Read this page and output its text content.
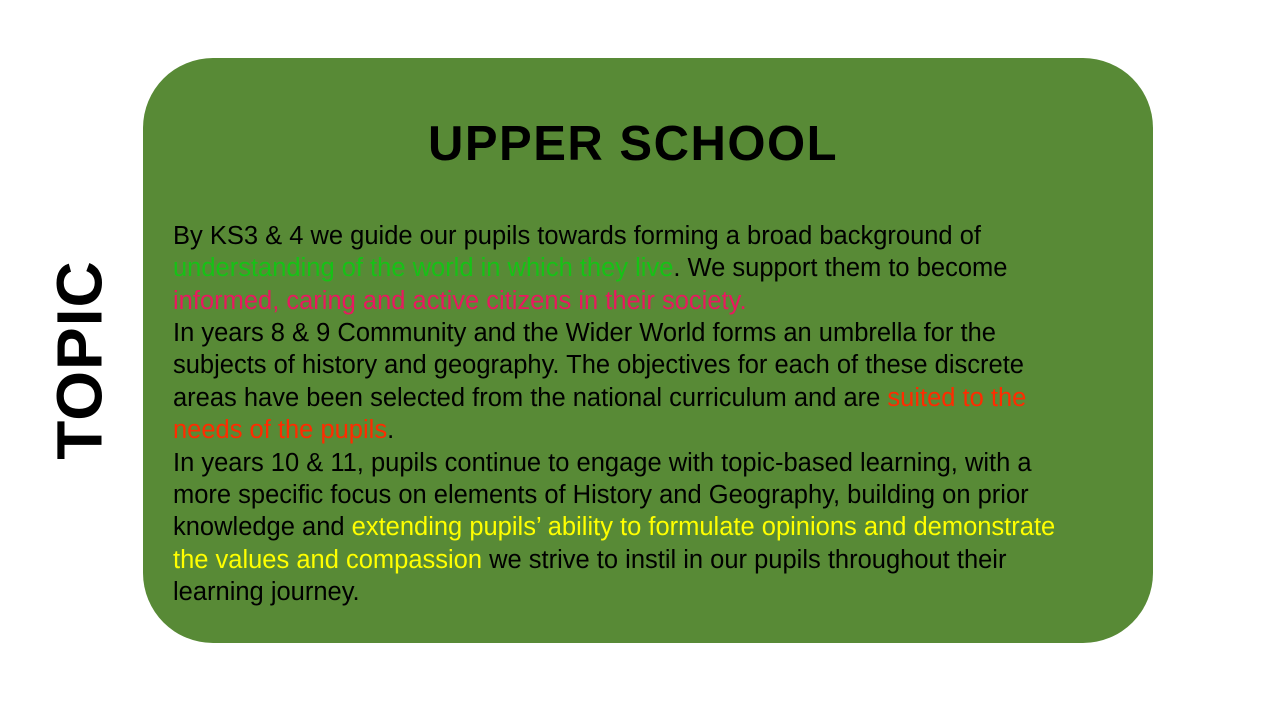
TOPIC
UPPER SCHOOL

By KS3 & 4 we guide our pupils towards forming a broad background of understanding of the world in which they live. We support them to become informed, caring and active citizens in their society.

In years 8 & 9 Community and the Wider World forms an umbrella for the subjects of history and geography. The objectives for each of these discrete areas have been selected from the national curriculum and are suited to the needs of the pupils.

In years 10 & 11, pupils continue to engage with topic-based learning, with a more specific focus on elements of History and Geography, building on prior knowledge and extending pupils’ ability to formulate opinions and demonstrate the values and compassion we strive to instil in our pupils throughout their learning journey.
